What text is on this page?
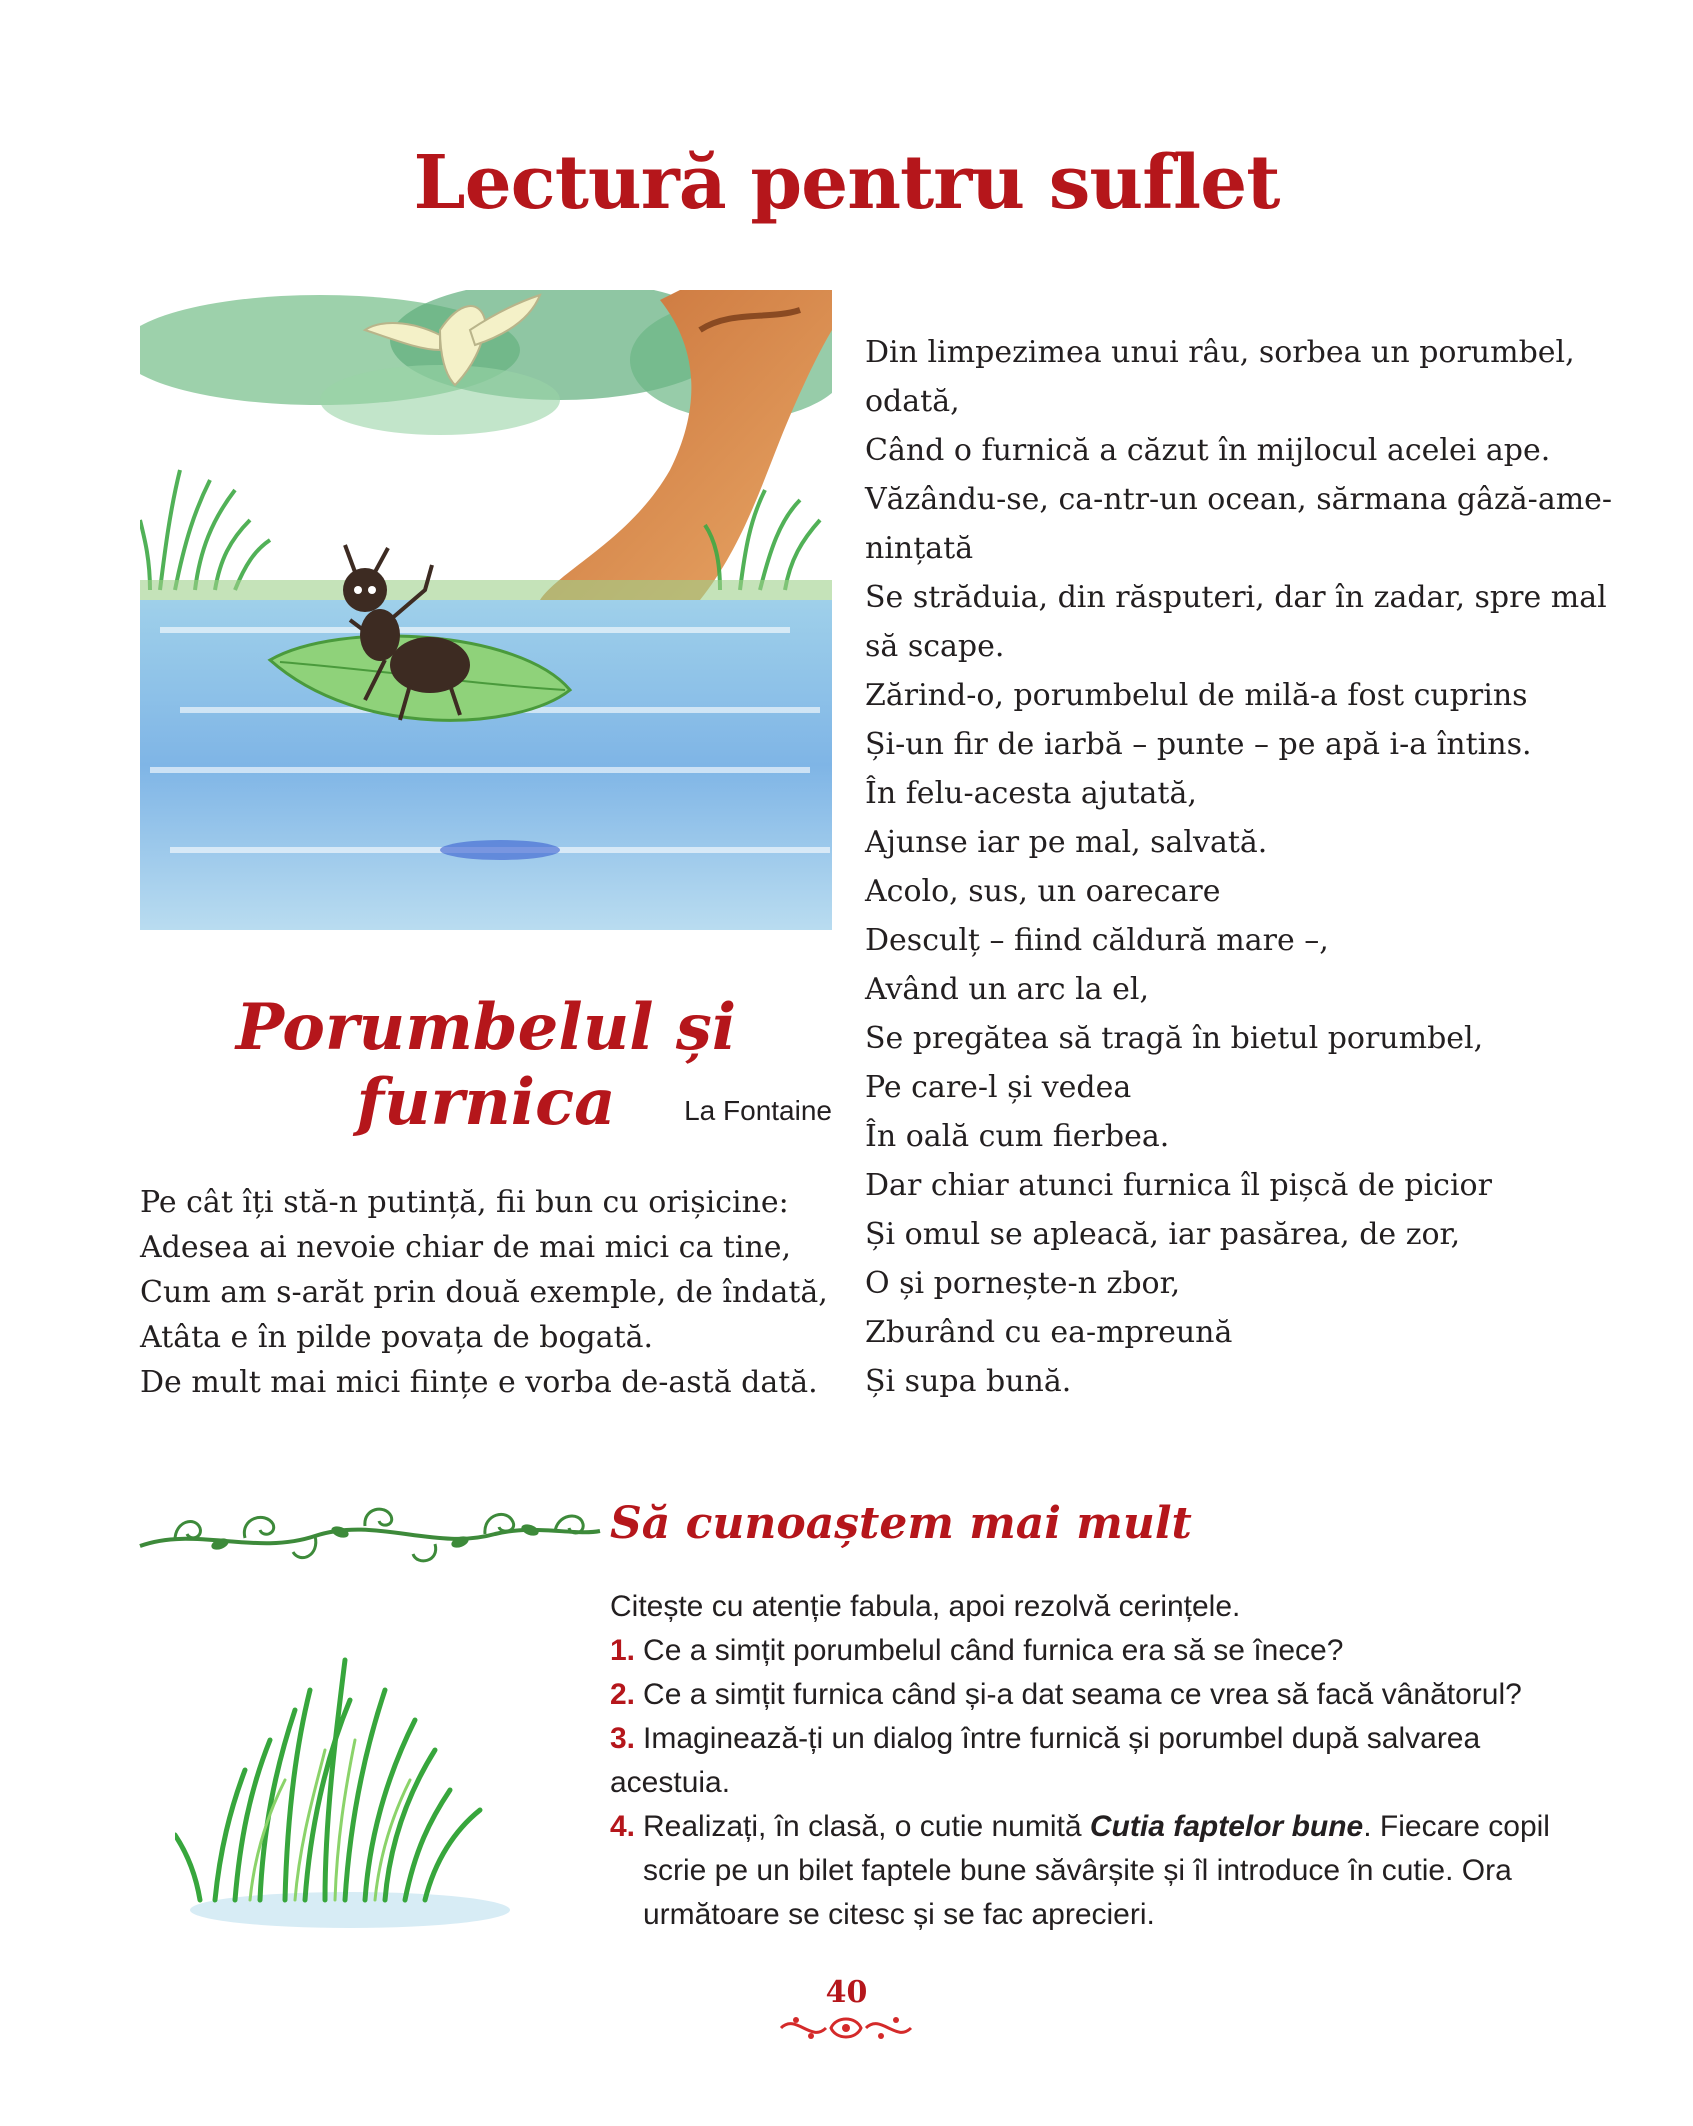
Lectură pentru suflet
Porumbelul și furnica	La Fontaine
Pe cât îți stă-n putință, fii bun cu orișicine:
Adesea ai nevoie chiar de mai mici ca tine,
Cum am s-arăt prin două exemple, de îndată,
Atâta e în pilde povața de bogată.
De mult mai mici ființe e vorba de-astă dată.
Din limpezimea unui râu, sorbea un porumbel,
odată,
Când o furnică a căzut în mijlocul acelei ape.
Văzându-se, ca-ntr-un ocean, sărmana gâză-ame-
nințată
Se străduia, din răsputeri, dar în zadar, spre mal
să scape.
Zărind-o, porumbelul de milă-a fost cuprins
Și-un fir de iarbă – punte – pe apă i-a întins.
În felu-acesta ajutată,
Ajunse iar pe mal, salvată.
Acolo, sus, un oarecare
Desculț – fiind căldură mare –,
Având un arc la el,
Se pregătea să tragă în bietul porumbel,
Pe care-l și vedea
În oală cum fierbea.
Dar chiar atunci furnica îl pișcă de picior
Și omul se apleacă, iar pasărea, de zor,
O și pornește-n zbor,
Zburând cu ea-mpreună
Și supa bună.
Să cunoaștem mai mult
Citește cu atenție fabula, apoi rezolvă cerințele.
1. Ce a simțit porumbelul când furnica era să se înece?
2. Ce a simțit furnica când și-a dat seama ce vrea să facă vânătorul?
3. Imaginează-ți un dialog între furnică și porumbel după salvarea acestuia.
4. Realizați, în clasă, o cutie numită Cutia faptelor bune. Fiecare copil scrie pe un bilet faptele bune săvârșite și îl introduce în cutie. Ora următoare se citesc și se fac aprecieri.
40
